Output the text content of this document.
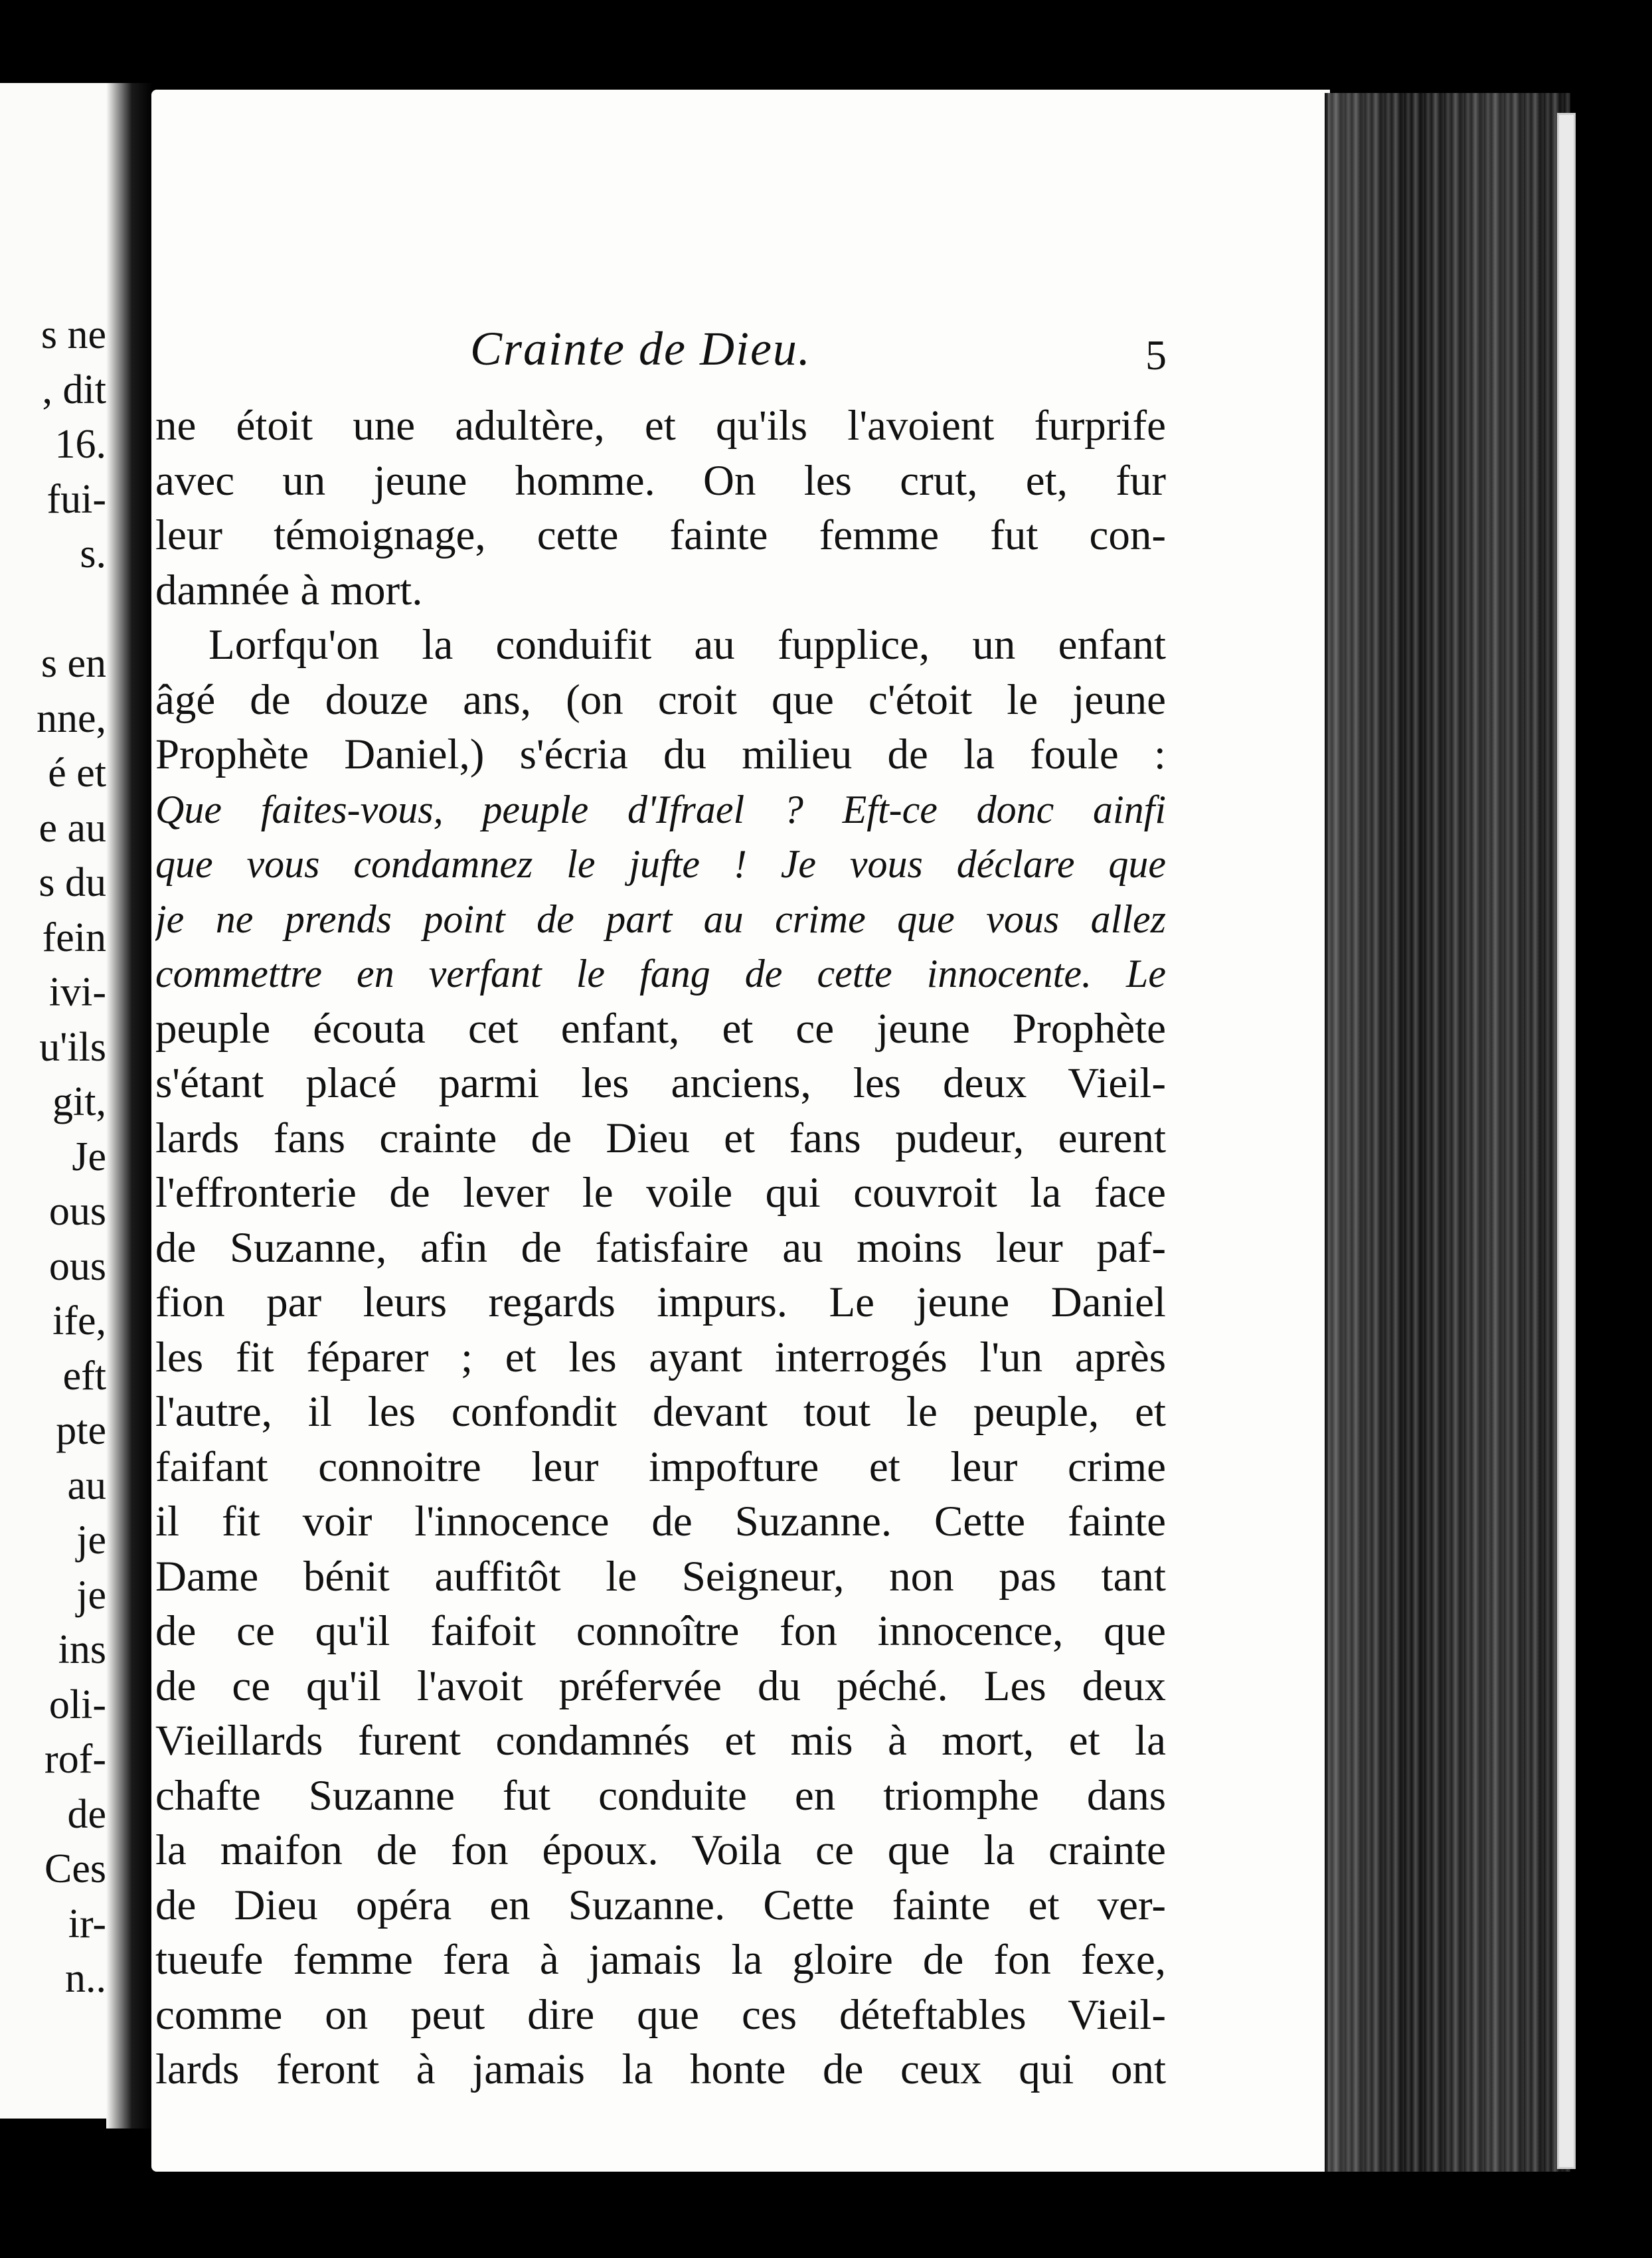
s ne
, dit
16.
fui-
s.
s en
nne,
é et
e au
s du
fein
ivi-
u'ils
git,
Je
ous
ous
ife,
eft
pte
au
je
je
ins
oli-
rof-
de
Ces
ir-
n..
Crainte de Dieu.	5
ne étoit une adultère, et qu'ils l'avoient furprife
avec un jeune homme. On les crut, et, fur
leur témoignage, cette fainte femme fut con-
damnée à mort.
Lorfqu'on la conduifit au fupplice, un enfant
âgé de douze ans, (on croit que c'étoit le jeune
Prophète Daniel,) s'écria du milieu de la foule :
Que faites-vous, peuple d'Ifrael ? Eft-ce donc ainfi
que vous condamnez le jufte ! Je vous déclare que
je ne prends point de part au crime que vous allez
commettre en verfant le fang de cette innocente. Le
peuple écouta cet enfant, et ce jeune Prophète
s'étant placé parmi les anciens, les deux Vieil-
lards fans crainte de Dieu et fans pudeur, eurent
l'effronterie de lever le voile qui couvroit la face
de Suzanne, afin de fatisfaire au moins leur paf-
fion par leurs regards impurs. Le jeune Daniel
les fit féparer ; et les ayant interrogés l'un après
l'autre, il les confondit devant tout le peuple, et
faifant connoitre leur impofture et leur crime
il fit voir l'innocence de Suzanne. Cette fainte
Dame bénit auffitôt le Seigneur, non pas tant
de ce qu'il faifoit connoître fon innocence, que
de ce qu'il l'avoit préfervée du péché. Les deux
Vieillards furent condamnés et mis à mort, et la
chafte Suzanne fut conduite en triomphe dans
la maifon de fon époux. Voila ce que la crainte
de Dieu opéra en Suzanne. Cette fainte et ver-
tueufe femme fera à jamais la gloire de fon fexe,
comme on peut dire que ces déteftables Vieil-
lards feront à jamais la honte de ceux qui ont
